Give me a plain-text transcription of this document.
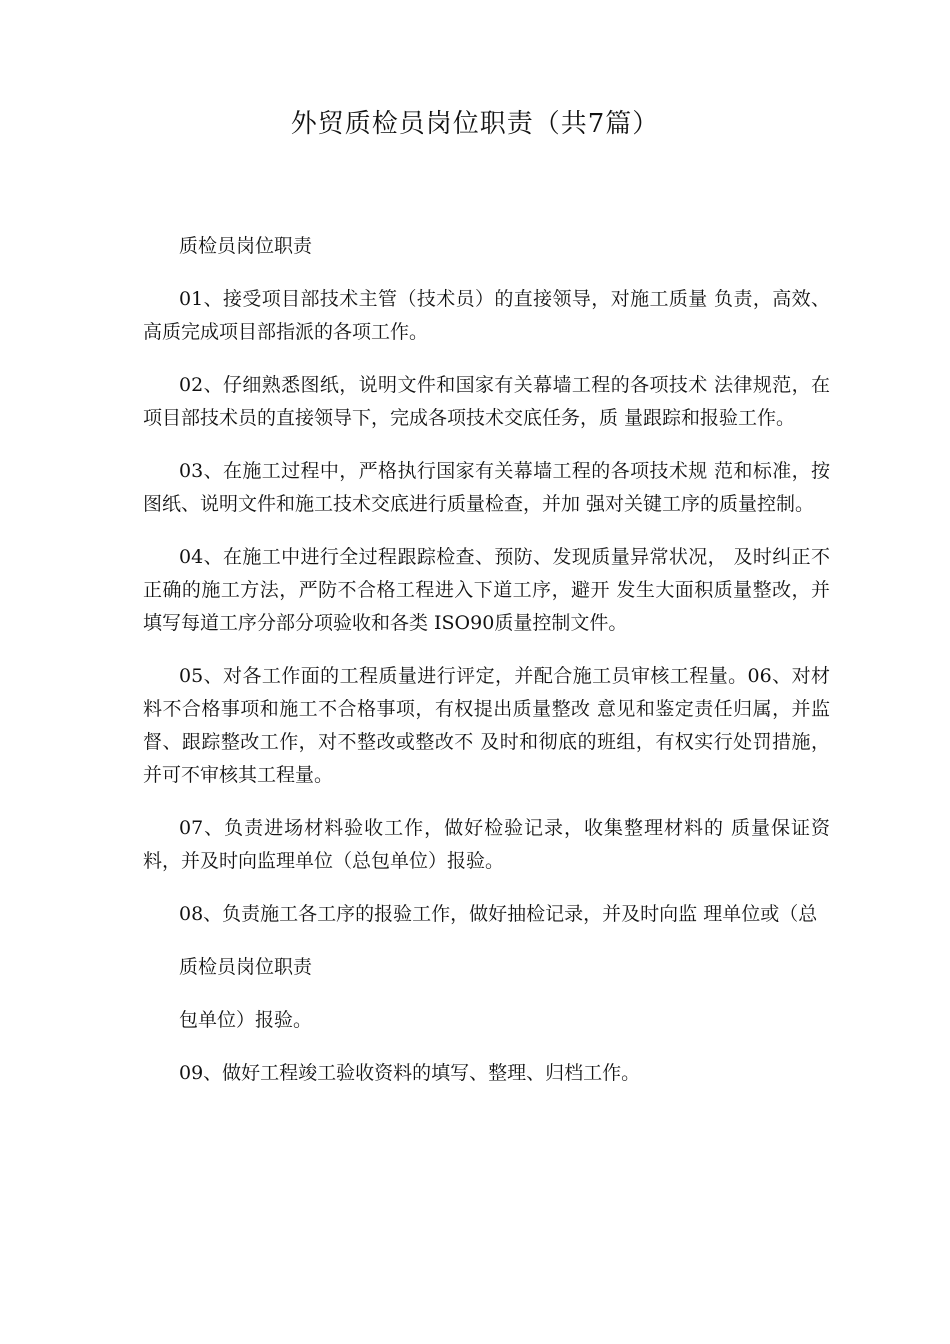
外贸质检员岗位职责（共7篇）

质检员岗位职责

01、接受项目部技术主管（技术员）的直接领导，对施工质量 负责，高效、高质完成项目部指派的各项工作。

02、仔细熟悉图纸，说明文件和国家有关幕墙工程的各项技术 法律规范，在项目部技术员的直接领导下，完成各项技术交底任务，质 量跟踪和报验工作。

03、在施工过程中，严格执行国家有关幕墙工程的各项技术规 范和标准，按图纸、说明文件和施工技术交底进行质量检查，并加 强对关键工序的质量控制。

04、在施工中进行全过程跟踪检查、预防、发现质量异常状况， 及时纠正不正确的施工方法，严防不合格工程进入下道工序，避开 发生大面积质量整改，并填写每道工序分部分项验收和各类 ISO90质量控制文件。

05、对各工作面的工程质量进行评定，并配合施工员审核工程量。06、对材料不合格事项和施工不合格事项，有权提出质量整改 意见和鉴定责任归属，并监督、跟踪整改工作，对不整改或整改不 及时和彻底的班组，有权实行处罚措施，并可不审核其工程量。

07、负责进场材料验收工作，做好检验记录，收集整理材料的 质量保证资料，并及时向监理单位（总包单位）报验。

08、负责施工各工序的报验工作，做好抽检记录，并及时向监 理单位或（总

质检员岗位职责

包单位）报验。

09、做好工程竣工验收资料的填写、整理、归档工作。
